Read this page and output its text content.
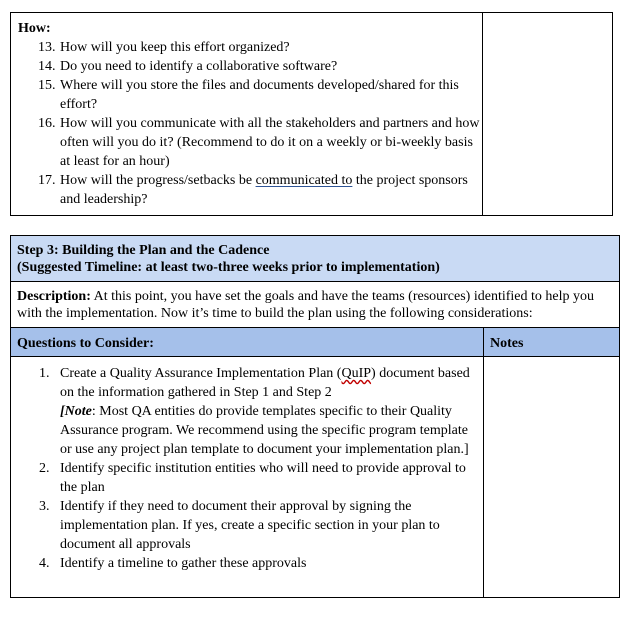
How:
13. How will you keep this effort organized?
14. Do you need to identify a collaborative software?
15. Where will you store the files and documents developed/shared for this effort?
16. How will you communicate with all the stakeholders and partners and how often will you do it? (Recommend to do it on a weekly or bi-weekly basis at least for an hour)
17. How will the progress/setbacks be communicated to the project sponsors and leadership?
Step 3: Building the Plan and the Cadence
(Suggested Timeline: at least two-three weeks prior to implementation)
Description: At this point, you have set the goals and have the teams (resources) identified to help you with the implementation. Now it’s time to build the plan using the following considerations:
Questions to Consider:	Notes
1. Create a Quality Assurance Implementation Plan (QuIP) document based on the information gathered in Step 1 and Step 2
[Note: Most QA entities do provide templates specific to their Quality Assurance program. We recommend using the specific program template or use any project plan template to document your implementation plan.]
2. Identify specific institution entities who will need to provide approval to the plan
3. Identify if they need to document their approval by signing the implementation plan. If yes, create a specific section in your plan to document all approvals
4. Identify a timeline to gather these approvals
